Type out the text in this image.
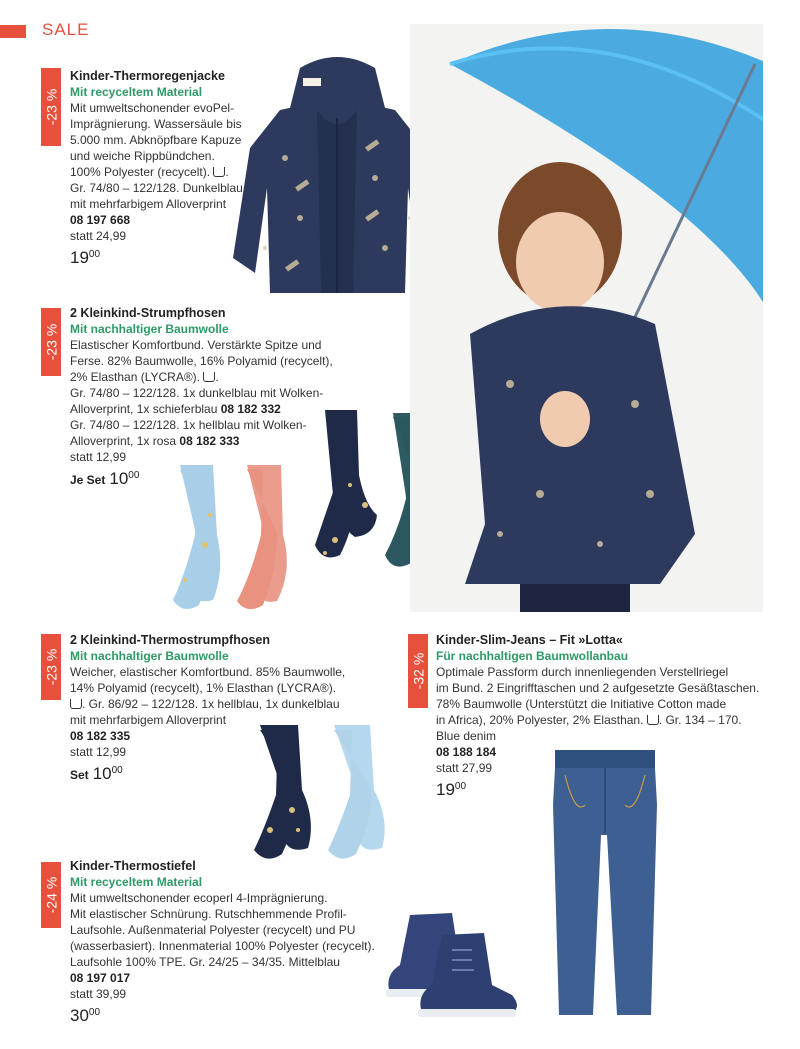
SALE
-23 %
Kinder-Thermoregenjacke
Mit recyceltem Material
Mit umweltschonender evoPel-
Imprägnierung. Wassersäule bis
5.000 mm. Abknöpfbare Kapuze
und weiche Rippbündchen.
100% Polyester (recycelt). .
Gr. 74/80 – 122/128. Dunkelblau
mit mehrfarbigem Alloverprint
08 197 668
statt 24,99
$19^{00}$
-23 %
2 Kleinkind-Strumpfhosen
Mit nachhaltiger Baumwolle
Elastischer Komfortbund. Verstärkte Spitze und
Ferse. 82% Baumwolle, 16% Polyamid (recycelt),
2% Elasthan (LYCRA®). .
Gr. 74/80 – 122/128. 1x dunkelblau mit Wolken-
Alloverprint, 1x schieferblau 08 182 332
Gr. 74/80 – 122/128. 1x hellblau mit Wolken-
Alloverprint, 1x rosa 08 182 333
statt 12,99
Je Set $10^{00}$
-23 %
2 Kleinkind-Thermostrumpfhosen
Mit nachhaltiger Baumwolle
Weicher, elastischer Komfortbund. 85% Baumwolle,
14% Polyamid (recycelt), 1% Elasthan (LYCRA®).
. Gr. 86/92 – 122/128. 1x hellblau, 1x dunkelblau
mit mehrfarbigem Alloverprint
08 182 335
statt 12,99
Set $10^{00}$
-32 %
Kinder-Slim-Jeans – Fit »Lotta«
Für nachhaltigen Baumwollanbau
Optimale Passform durch innenliegenden Verstellriegel
im Bund. 2 Eingrifftaschen und 2 aufgesetzte Gesäßtaschen.
78% Baumwolle (Unterstützt die Initiative Cotton made
in Africa), 20% Polyester, 2% Elasthan. . Gr. 134 – 170.
Blue denim
08 188 184
statt 27,99
$19^{00}$
-24 %
Kinder-Thermostiefel
Mit recyceltem Material
Mit umweltschonender ecoperl 4-Imprägnierung.
Mit elastischer Schnürung. Rutschhemmende Profil-
Laufsohle. Außenmaterial Polyester (recycelt) und PU
(wasserbasiert). Innenmaterial 100% Polyester (recycelt).
Laufsohle 100% TPE. Gr. 24/25 – 34/35. Mittelblau
08 197 017
statt 39,99
$30^{00}$
